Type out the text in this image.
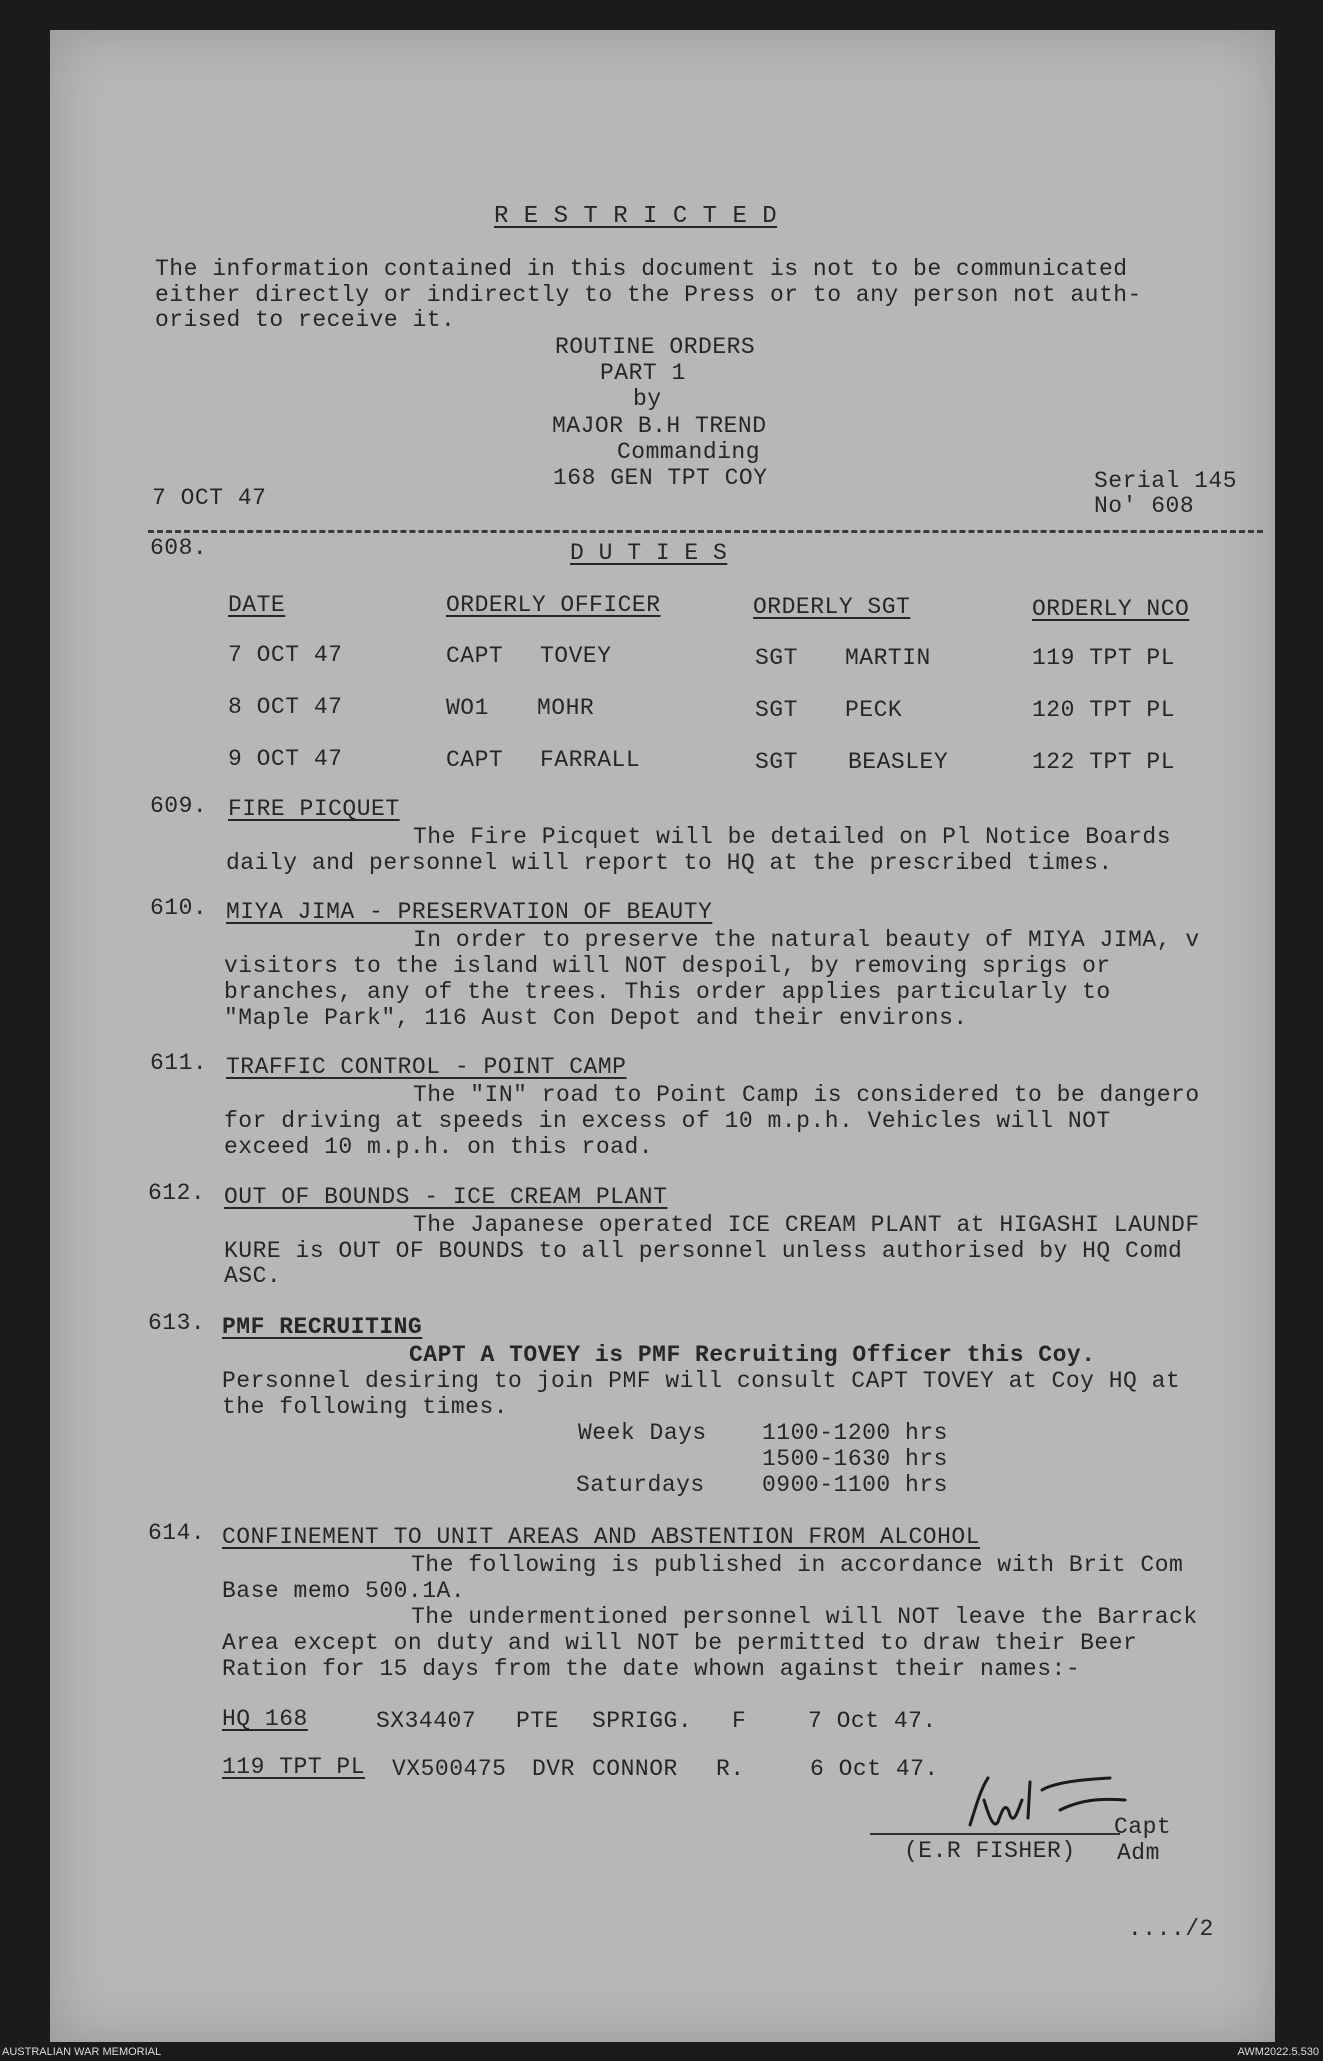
R E S T R I C T E D
The information contained in this document is not to be communicated
either directly or indirectly to the Press or to any person not auth-
orised to receive it.
ROUTINE ORDERS
PART 1
by
MAJOR B.H TREND
Commanding
168 GEN TPT COY
7 OCT 47
Serial 145
No' 608
608.	D U T I E S
DATE	ORDERLY OFFICER	ORDERLY SGT	ORDERLY NCO
7 OCT 47	CAPT TOVEY	SGT MARTIN	119 TPT PL
8 OCT 47	WO1 MOHR	SGT PECK	120 TPT PL
9 OCT 47	CAPT FARRALL	SGT BEASLEY	122 TPT PL
609. FIRE PICQUET
The Fire Picquet will be detailed on Pl Notice Boards
daily and personnel will report to HQ at the prescribed times.
610. MIYA JIMA - PRESERVATION OF BEAUTY
In order to preserve the natural beauty of MIYA JIMA, v
visitors to the island will NOT despoil, by removing sprigs or
branches, any of the trees. This order applies particularly to
"Maple Park", 116 Aust Con Depot and their environs.
611. TRAFFIC CONTROL - POINT CAMP
The "IN" road to Point Camp is considered to be dangero
for driving at speeds in excess of 10 m.p.h. Vehicles will NOT
exceed 10 m.p.h. on this road.
612. OUT OF BOUNDS - ICE CREAM PLANT
The Japanese operated ICE CREAM PLANT at HIGASHI LAUNDF
KURE is OUT OF BOUNDS to all personnel unless authorised by HQ Comd
ASC.
613. PMF RECRUITING
CAPT A TOVEY is PMF Recruiting Officer this Coy.
Personnel desiring to join PMF will consult CAPT TOVEY at Coy HQ at
the following times.
Week Days 1100-1200 hrs
1500-1630 hrs
Saturdays 0900-1100 hrs
614. CONFINEMENT TO UNIT AREAS AND ABSTENTION FROM ALCOHOL
The following is published in accordance with Brit Com
Base memo 500.1A.
The undermentioned personnel will NOT leave the Barrack
Area except on duty and will NOT be permitted to draw their Beer
Ration for 15 days from the date whown against their names:-
HQ 168	SX34407 PTE SPRIGG. F	7 Oct 47.
119 TPT PL VX500475 DVR CONNOR R.	6 Oct 47.
Capt
(E.R FISHER) Adm
..../2
AUSTRALIAN WAR MEMORIAL	AWM2022.5.530
